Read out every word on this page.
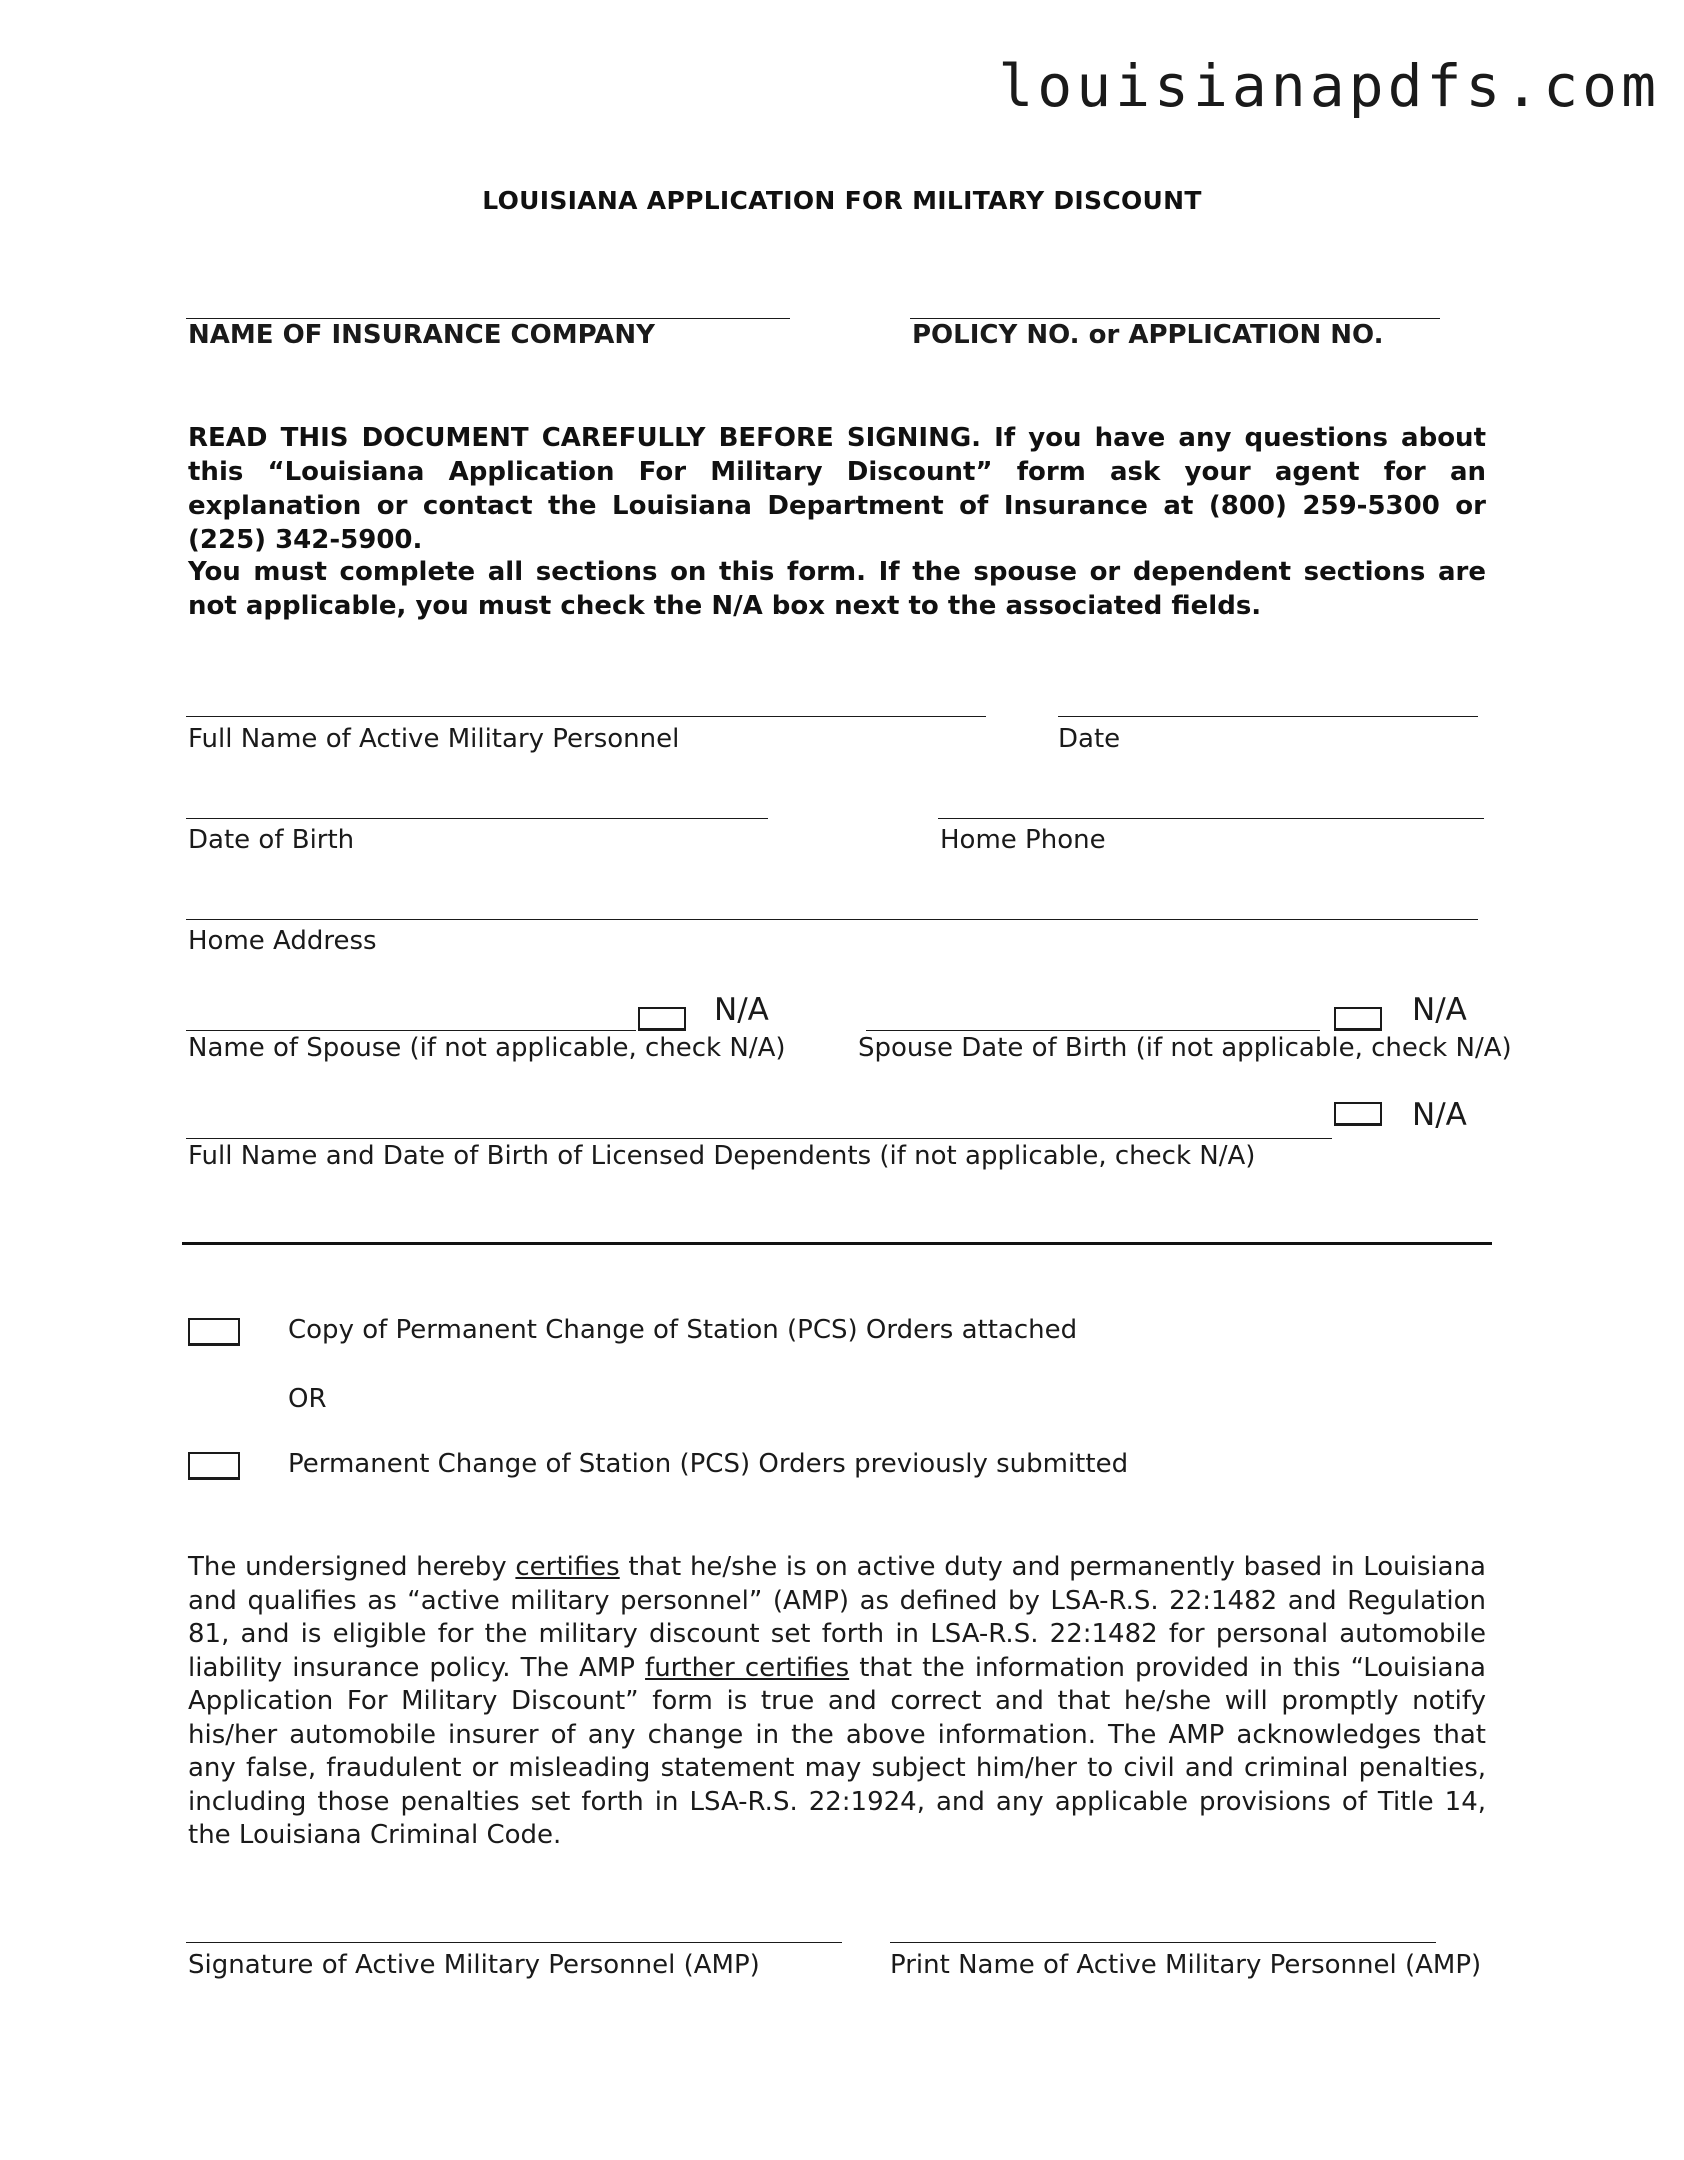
louisianapdfs.com
LOUISIANA APPLICATION FOR MILITARY DISCOUNT
NAME OF INSURANCE COMPANY	POLICY NO. or APPLICATION NO.
READ THIS DOCUMENT CAREFULLY BEFORE SIGNING. If you have any questions about this “Louisiana Application For Military Discount” form ask your agent for an explanation or contact the Louisiana Department of Insurance at (800) 259-5300 or (225) 342-5900.
You must complete all sections on this form. If the spouse or dependent sections are not applicable, you must check the N/A box next to the associated fields.
Full Name of Active Military Personnel	Date
Date of Birth	Home Phone
Home Address
N/A
Name of Spouse (if not applicable, check N/A)
N/A
Spouse Date of Birth (if not applicable, check N/A)
N/A
Full Name and Date of Birth of Licensed Dependents (if not applicable, check N/A)
Copy of Permanent Change of Station (PCS) Orders attached
OR
Permanent Change of Station (PCS) Orders previously submitted
The undersigned hereby certifies that he/she is on active duty and permanently based in Louisiana and qualifies as “active military personnel” (AMP) as defined by LSA-R.S. 22:1482 and Regulation 81, and is eligible for the military discount set forth in LSA-R.S. 22:1482 for personal automobile liability insurance policy. The AMP further certifies that the information provided in this “Louisiana Application For Military Discount” form is true and correct and that he/she will promptly notify his/her automobile insurer of any change in the above information. The AMP acknowledges that any false, fraudulent or misleading statement may subject him/her to civil and criminal penalties, including those penalties set forth in LSA-R.S. 22:1924, and any applicable provisions of Title 14, the Louisiana Criminal Code.
Signature of Active Military Personnel (AMP)	Print Name of Active Military Personnel (AMP)
